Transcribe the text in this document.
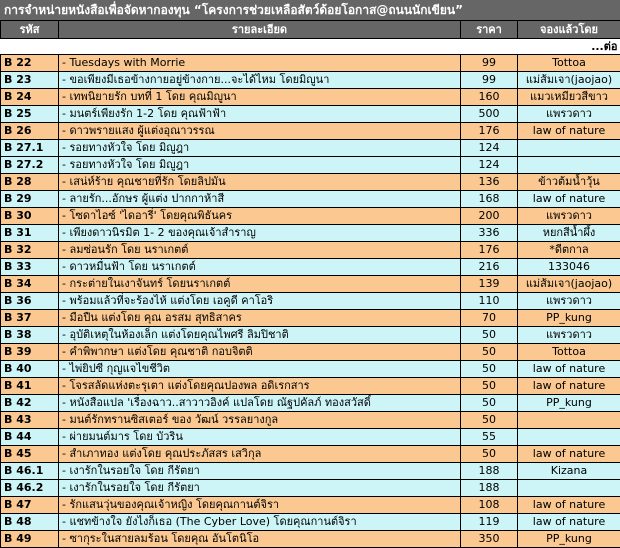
การจำหน่ายหนังสือเพื่อจัดหากองทุน “โครงการช่วยเหลือสัตว์ด้อยโอกาส@ถนนนักเขียน”
รหัส	รายละเอียด	ราคา	จองแล้วโดย
...ต่อ			
B 22	- Tuesdays with Morrie	99	Tottoa
B 23	- ขอเพียงมีเธอข้างกายอยู่ข้างกาย...จะได้ไหม โดยมิญูนา	99	แม่ส้มเจา(jaojao)
B 24	- เทพนิยายรัก บทที่ 1 โดย คุณมิญูนา	160	แมวเหมียวสีขาว
B 25	- มนตร์เพียงรัก 1-2 โดย คุณฟ้าฟ้า	500	แพรวดาว
B 26	- ดาวพรายแสง ผู้แต่งอุณาวรรณ	176	law of nature
B 27.1	- รอยทางหัวใจ โดย มิญูฎา	124	
B 27.2	- รอยทางหัวใจ โดย มิญูฎา	124	
B 28	- เสน่ห์ร้าย คุณชายที่รัก โดยลิปมัน	136	ข้าวต้มน้ำวุ้น
B 29	- ลายรัก...อักษร ผู้แต่ง ปากกาห้าสี	168	law of nature
B 30	- โซดาไอซ์ 'ไดอารี่' โดยคุณพิธันคร	200	แพรวดาว
B 31	- เพียงดาวนิรมิต 1- 2 ของคุณเจ้าสำราญ	336	หยกสีน้ำผึ้ง
B 32	- ลมซ่อนรัก โดย นราเกตต์	176	*ดีตกาล
B 33	- ดาวหมื่นฟ้า โดย นราเกตต์	216	133046
B 34	- กระต่ายในเงาจันทร์ โดยนราเกตต์	139	แม่ส้มเจา(jaojao)
B 36	- พร้อมแล้วที่จะร้องไห้ แต่งโดย เอคูดี คาโอริ	110	แพรวดาว
B 37	- มือปืน แต่งโดย คุณ อรสม สุทธิสาคร	70	PP_kung
B 38	- อุบัติเหตุในห้องเล็ก แต่งโดยคุณไพศรี ลิมปิชาติ	50	แพรวดาว
B 39	- คำพิพากษา แต่งโดย คุณชาติ กอบจิตติ	50	Tottoa
B 40	- ไพ่ยิปซี กุญแจไขชีวิต	50	law of nature
B 41	- โจรสลัดแห่งตะรุเตา แต่งโดยคุณปองพล อดิเรกสาร	50	law of nature
B 42	- หนังสือแปล 'เรื่องฉาว..สาวาวอิงค์ แปลโดย ณัฐปคัลภ์ ทองสวัสดิ์	50	PP_kung
B 43	- มนต์รักทรานซิสเตอร์ ของ วัฒน์ วรรลยางกูล	50	
B 44	- ผ่ายมนต์มาร โดย บัวริน	55	
B 45	- สำเภาทอง แต่งโดย คุณประภัสสร เสวิกุล	50	law of nature
B 46.1	- เงารักในรอยใจ โดย กีรัตยา	188	Kizana
B 46.2	- เงารักในรอยใจ โดย กีรัตยา	188	
B 47	- รักแสนวุ่นของคุณเจ้าหญิง โดยคุณกานต์จิรา	108	law of nature
B 48	- แชทข้างใจ ยังไงก็เธอ (The Cyber Love) โดยคุณกานต์จิรา	119	law of nature
B 49	- ซากุระในสายลมร้อน โดยคุณ อันโตนิโอ	350	PP_kung
